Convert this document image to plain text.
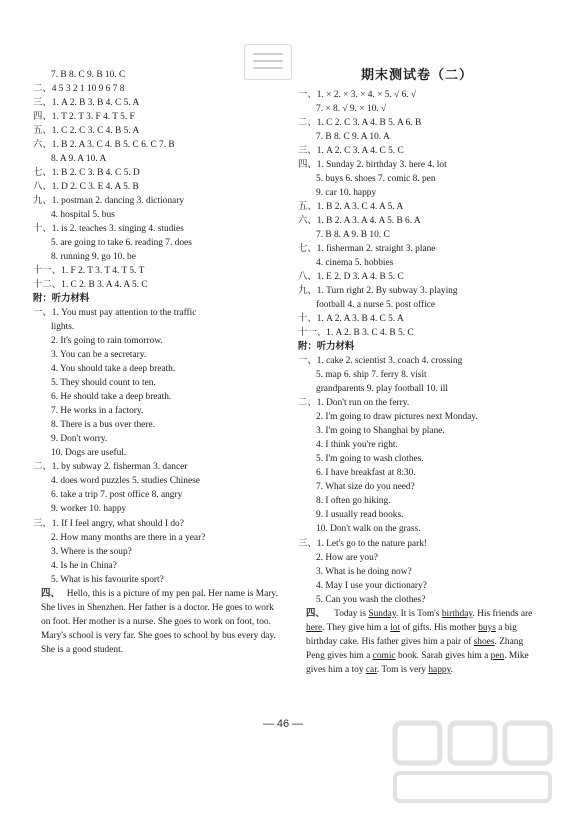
7. B 8. C 9. B 10. C
二、4 5 3 2 1 10 9 6 7 8
三、1. A 2. B 3. B 4. C 5. A
四、1. T 2. T 3. F 4. T 5. F
五、1. C 2. C 3. C 4. B 5. A
六、1. B 2. A 3. C 4. B 5. C 6. C 7. B
8. A 9. A 10. A
七、1. B 2. C 3. B 4. C 5. D
八、1. D 2. C 3. E 4. A 5. B
九、1. postman 2. dancing 3. dictionary
4. hospital 5. bus
十、1. is 2. teaches 3. singing 4. studies
5. are going to take 6. reading 7. does
8. running 9. go 10. be
十一、1. F 2. T 3. T 4. T 5. T
十二、1. C 2. B 3. A 4. A 5. C
附：听力材料
一、1. You must pay attention to the traffic
lights.
2. It's going to rain tomorrow.
3. You can be a secretary.
4. You should take a deep breath.
5. They should count to ten.
6. He should take a deep breath.
7. He works in a factory.
8. There is a bus over there.
9. Don't worry.
10. Dogs are useful.
二、1. by subway 2. fisherman 3. dancer
4. does word puzzles 5. studies Chinese
6. take a trip 7. post office 8. angry
9. worker 10. happy
三、1. If I feel angry, what should I do?
2. How many months are there in a year?
3. Where is the soup?
4. Is he in China?
5. What is his favourite sport?
四、 Hello, this is a picture of my pen pal. Her name is Mary. She lives in Shenzhen. Her father is a doctor. He goes to work on foot. Her mother is a nurse. She goes to work on foot, too. Mary's school is very far. She goes to school by bus every day. She is a good student.
期末测试卷（二）
一、1. × 2. × 3. × 4. × 5. √ 6. √
7. × 8. √ 9. × 10. √
二、1. C 2. C 3. A 4. B 5. A 6. B
7. B 8. C 9. A 10. A
三、1. A 2. C 3. A 4. C 5. C
四、1. Sunday 2. birthday 3. here 4. lot
5. buys 6. shoes 7. comic 8. pen
9. car 10. happy
五、1. B 2. A 3. C 4. A 5. A
六、1. B 2. A 3. A 4. A 5. B 6. A
7. B 8. A 9. B 10. C
七、1. fisherman 2. straight 3. plane
4. cinema 5. hobbies
八、1. E 2. D 3. A 4. B 5. C
九、1. Turn right 2. By subway 3. playing
football 4. a nurse 5. post office
十、1. A 2. A 3. B 4. C 5. A
十一、1. A 2. B 3. C 4. B 5. C
附：听力材料
一、1. cake 2. scientist 3. coach 4. crossing
5. map 6. ship 7. ferry 8. visit
grandparents 9. play football 10. ill
二、1. Don't run on the ferry.
2. I'm going to draw pictures next Monday.
3. I'm going to Shanghai by plane.
4. I think you're right.
5. I'm going to wash clothes.
6. I have breakfast at 8:30.
7. What size do you need?
8. I often go hiking.
9. I usually read books.
10. Don't walk on the grass.
三、1. Let's go to the nature park!
2. How are you?
3. What is he doing now?
4. May I use your dictionary?
5. Can you wash the clothes?
四、 Today is Sunday. It is Tom's birthday. His friends are here. They give him a lot of gifts. His mother buys a big birthday cake. His father gives him a pair of shoes. Zhang Peng gives him a comic book. Sarah gives him a pen. Mike gives him a toy car. Tom is very happy.
— 46 —
